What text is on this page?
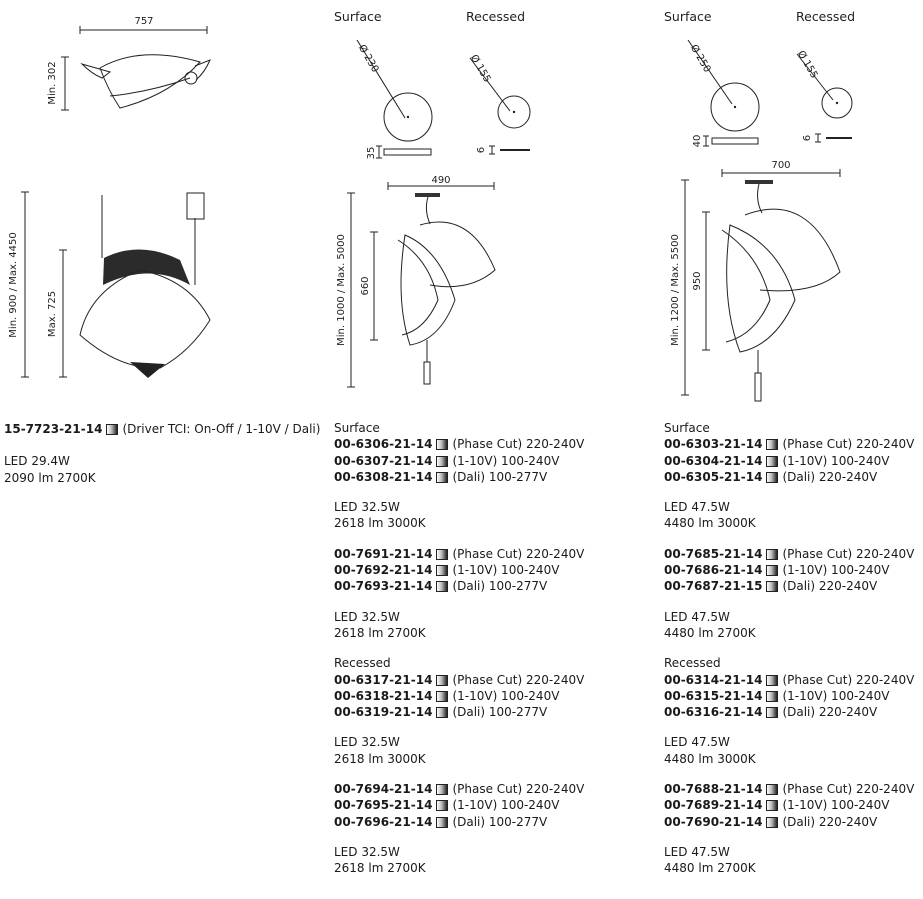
757
Min. 302
Min. 900 / Max. 4450	Max. 725
Ø 230
35
Ø 155
6
490
Min. 1000 / Max. 5000 660
Ø 250
40
Ø 155
6
700
Min. 1200 / Max. 5500 950
Surface	Recessed	Surface	Recessed
15-7723-21-14 (Driver TCI: On-Off / 1-10V / Dali)
LED 29.4W
2090 lm 2700K
Surface
00-6306-21-14 (Phase Cut) 220-240V
00-6307-21-14 (1-10V) 100-240V
00-6308-21-14 (Dali) 100-277V
LED 32.5W
2618 lm 3000K
00-7691-21-14 (Phase Cut) 220-240V
00-7692-21-14 (1-10V) 100-240V
00-7693-21-14 (Dali) 100-277V
LED 32.5W
2618 lm 2700K
Recessed
00-6317-21-14 (Phase Cut) 220-240V
00-6318-21-14 (1-10V) 100-240V
00-6319-21-14 (Dali) 100-277V
LED 32.5W
2618 lm 3000K
00-7694-21-14 (Phase Cut) 220-240V
00-7695-21-14 (1-10V) 100-240V
00-7696-21-14 (Dali) 100-277V
LED 32.5W
2618 lm 2700K
Surface
00-6303-21-14 (Phase Cut) 220-240V
00-6304-21-14 (1-10V) 100-240V
00-6305-21-14 (Dali) 220-240V
LED 47.5W
4480 lm 3000K
00-7685-21-14 (Phase Cut) 220-240V
00-7686-21-14 (1-10V) 100-240V
00-7687-21-15 (Dali) 220-240V
LED 47.5W
4480 lm 2700K
Recessed
00-6314-21-14 (Phase Cut) 220-240V
00-6315-21-14 (1-10V) 100-240V
00-6316-21-14 (Dali) 220-240V
LED 47.5W
4480 lm 3000K
00-7688-21-14 (Phase Cut) 220-240V
00-7689-21-14 (1-10V) 100-240V
00-7690-21-14 (Dali) 220-240V
LED 47.5W
4480 lm 2700K
